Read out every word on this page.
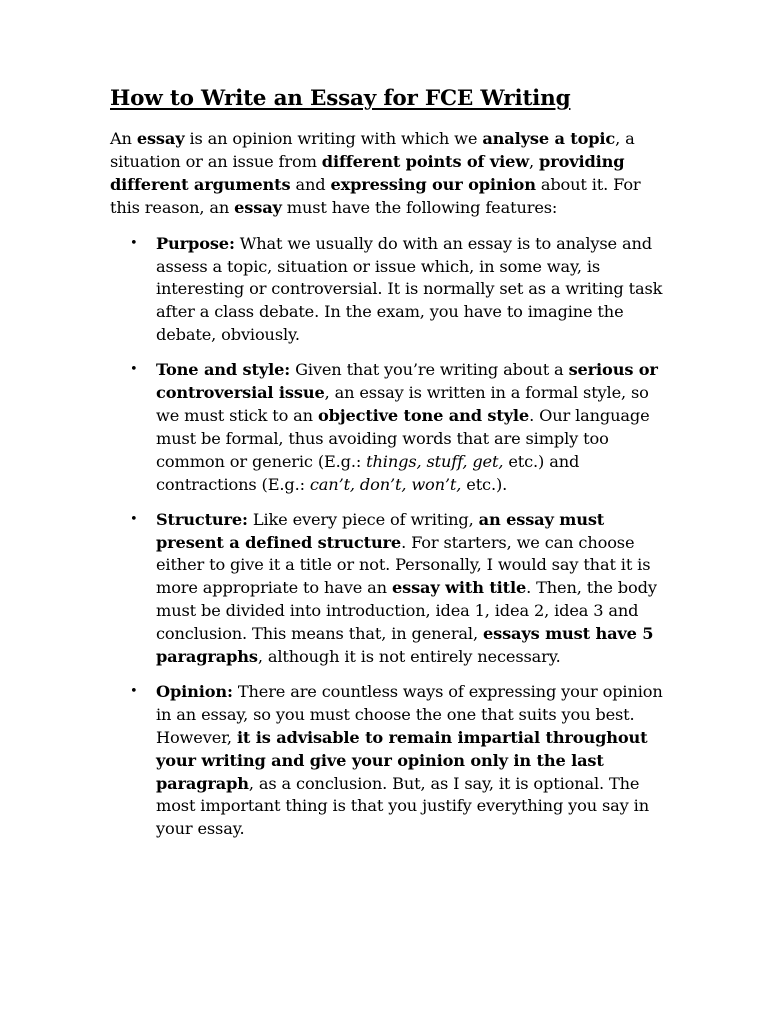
How to Write an Essay for FCE Writing

An essay is an opinion writing with which we analyse a topic, a situation or an issue from different points of view, providing different arguments and expressing our opinion about it. For this reason, an essay must have the following features:

• Purpose: What we usually do with an essay is to analyse and assess a topic, situation or issue which, in some way, is interesting or controversial. It is normally set as a writing task after a class debate. In the exam, you have to imagine the debate, obviously.
• Tone and style: Given that you’re writing about a serious or controversial issue, an essay is written in a formal style, so we must stick to an objective tone and style. Our language must be formal, thus avoiding words that are simply too common or generic (E.g.: things, stuff, get, etc.) and contractions (E.g.: can’t, don’t, won’t, etc.).
• Structure: Like every piece of writing, an essay must present a defined structure. For starters, we can choose either to give it a title or not. Personally, I would say that it is more appropriate to have an essay with title. Then, the body must be divided into introduction, idea 1, idea 2, idea 3 and conclusion. This means that, in general, essays must have 5 paragraphs, although it is not entirely necessary.
• Opinion: There are countless ways of expressing your opinion in an essay, so you must choose the one that suits you best. However, it is advisable to remain impartial throughout your writing and give your opinion only in the last paragraph, as a conclusion. But, as I say, it is optional. The most important thing is that you justify everything you say in your essay.
